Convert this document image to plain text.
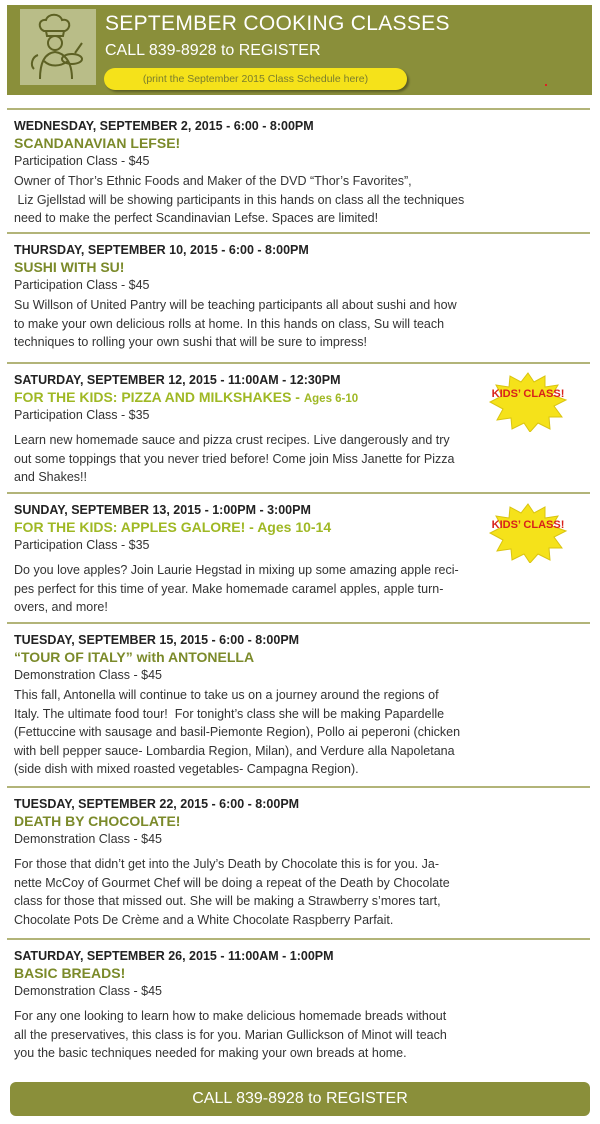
SEPTEMBER COOKING CLASSES
CALL 839-8928 to REGISTER
(print the September 2015 Class Schedule here)
WEDNESDAY, SEPTEMBER 2, 2015 - 6:00 - 8:00PM
SCANDANAVIAN LEFSE!
Participation Class - $45
Owner of Thor’s Ethnic Foods and Maker of the DVD “Thor’s Favorites”,
Liz Gjellstad will be showing participants in this hands on class all the techniques
need to make the perfect Scandinavian Lefse. Spaces are limited!
THURSDAY, SEPTEMBER 10, 2015 - 6:00 - 8:00PM
SUSHI WITH SU!
Participation Class - $45
Su Willson of United Pantry will be teaching participants all about sushi and how
to make your own delicious rolls at home. In this hands on class, Su will teach
techniques to rolling your own sushi that will be sure to impress!
SATURDAY, SEPTEMBER 12, 2015 - 11:00AM - 12:30PM
FOR THE KIDS: PIZZA AND MILKSHAKES - Ages 6-10
Participation Class - $35
Learn new homemade sauce and pizza crust recipes. Live dangerously and try
out some toppings that you never tried before! Come join Miss Janette for Pizza
and Shakes!!
KIDS’ CLASS!
SUNDAY, SEPTEMBER 13, 2015 - 1:00PM - 3:00PM
FOR THE KIDS: APPLES GALORE! - Ages 10-14
Participation Class - $35
Do you love apples? Join Laurie Hegstad in mixing up some amazing apple reci-
pes perfect for this time of year. Make homemade caramel apples, apple turn-
overs, and more!
KIDS’ CLASS!
TUESDAY, SEPTEMBER 15, 2015 - 6:00 - 8:00PM
“TOUR OF ITALY” with ANTONELLA
Demonstration Class - $45
This fall, Antonella will continue to take us on a journey around the regions of
Italy. The ultimate food tour!  For tonight’s class she will be making Papardelle
(Fettuccine with sausage and basil-Piemonte Region), Pollo ai peperoni (chicken
with bell pepper sauce- Lombardia Region, Milan), and Verdure alla Napoletana
(side dish with mixed roasted vegetables- Campagna Region).
TUESDAY, SEPTEMBER 22, 2015 - 6:00 - 8:00PM
DEATH BY CHOCOLATE!
Demonstration Class - $45
For those that didn’t get into the July’s Death by Chocolate this is for you. Ja-
nette McCoy of Gourmet Chef will be doing a repeat of the Death by Chocolate
class for those that missed out. She will be making a Strawberry s’mores tart,
Chocolate Pots De Crème and a White Chocolate Raspberry Parfait.
SATURDAY, SEPTEMBER 26, 2015 - 11:00AM - 1:00PM
BASIC BREADS!
Demonstration Class - $45
For any one looking to learn how to make delicious homemade breads without
all the preservatives, this class is for you. Marian Gullickson of Minot will teach
you the basic techniques needed for making your own breads at home.
CALL 839-8928 to REGISTER
